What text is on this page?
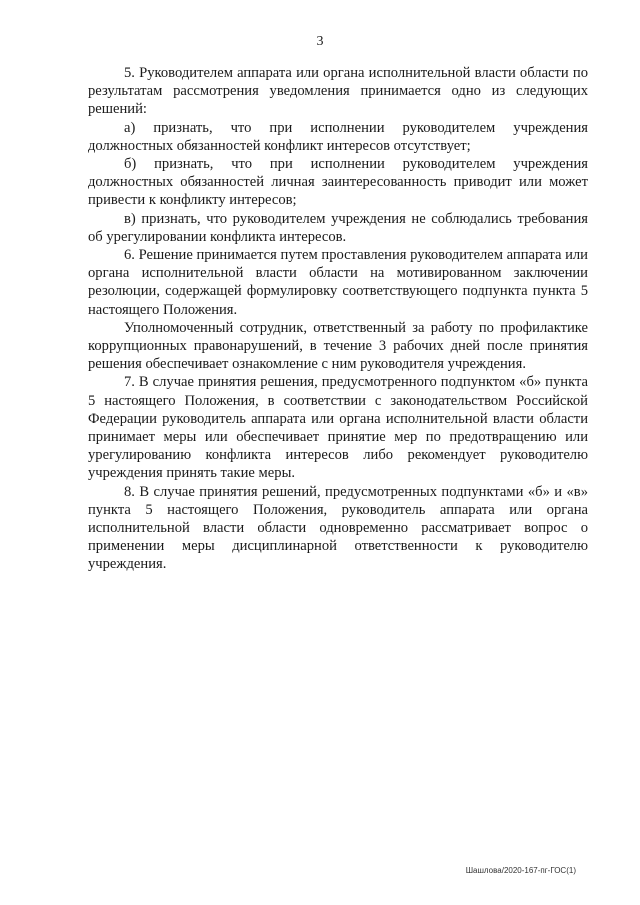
3

5. Руководителем аппарата или органа исполнительной власти области по результатам рассмотрения уведомления принимается одно из следующих решений:

а) признать, что при исполнении руководителем учреждения должностных обязанностей конфликт интересов отсутствует;

б) признать, что при исполнении руководителем учреждения должностных обязанностей личная заинтересованность приводит или может привести к конфликту интересов;

в) признать, что руководителем учреждения не соблюдались требования об урегулировании конфликта интересов.

6. Решение принимается путем проставления руководителем аппарата или органа исполнительной власти области на мотивированном заключении резолюции, содержащей формулировку соответствующего подпункта пункта 5 настоящего Положения.

Уполномоченный сотрудник, ответственный за работу по профилактике коррупционных правонарушений, в течение 3 рабочих дней после принятия решения обеспечивает ознакомление с ним руководителя учреждения.

7. В случае принятия решения, предусмотренного подпунктом «б» пункта 5 настоящего Положения, в соответствии с законодательством Российской Федерации руководитель аппарата или органа исполнительной власти области принимает меры или обеспечивает принятие мер по предотвращению или урегулированию конфликта интересов либо рекомендует руководителю учреждения принять такие меры.

8. В случае принятия решений, предусмотренных подпунктами «б» и «в» пункта 5 настоящего Положения, руководитель аппарата или органа исполнительной власти области одновременно рассматривает вопрос о применении меры дисциплинарной ответственности к руководителю учреждения.

Шашлова/2020-167-пг-ГОС(1)
